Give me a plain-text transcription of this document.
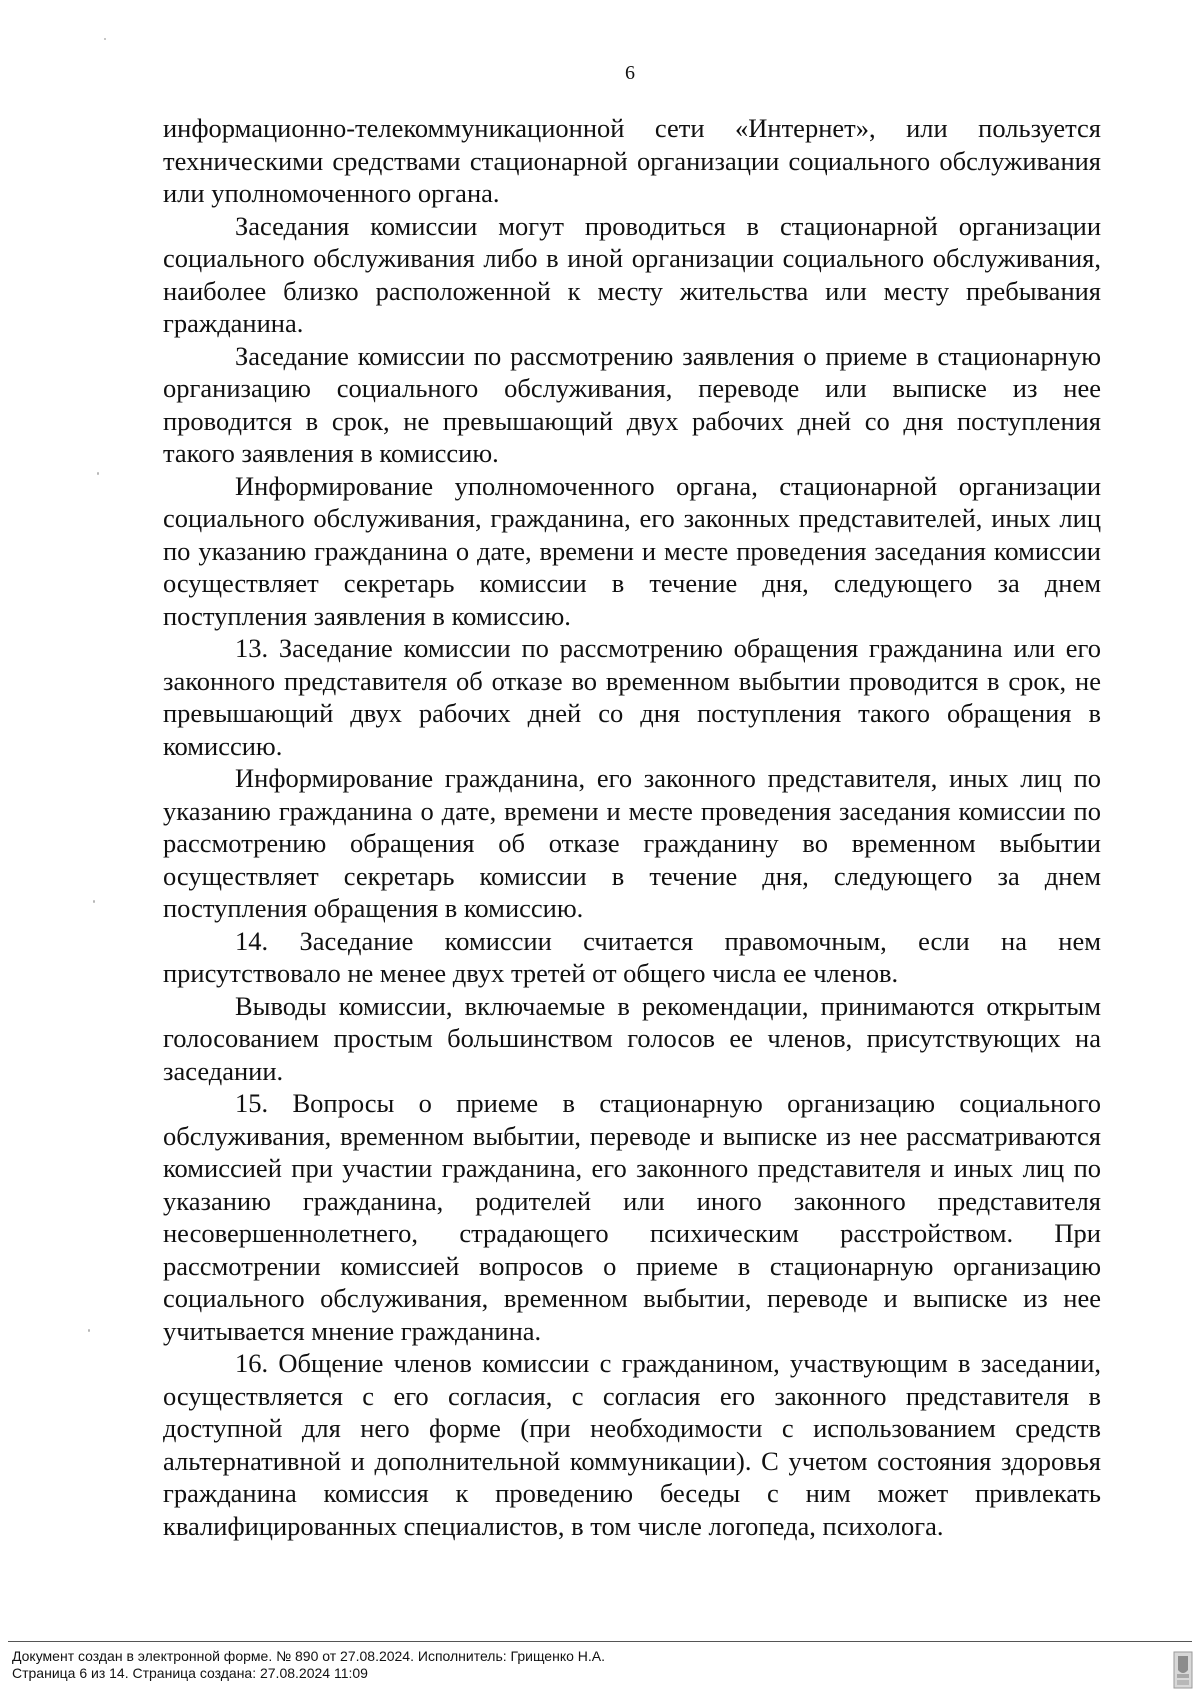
6

информационно-телекоммуникационной сети «Интернет», или пользуется техническими средствами стационарной организации социального обслуживания или уполномоченного органа.

Заседания комиссии могут проводиться в стационарной организации социального обслуживания либо в иной организации социального обслуживания, наиболее близко расположенной к месту жительства или месту пребывания гражданина.

Заседание комиссии по рассмотрению заявления о приеме в стационарную организацию социального обслуживания, переводе или выписке из нее проводится в срок, не превышающий двух рабочих дней со дня поступления такого заявления в комиссию.

Информирование уполномоченного органа, стационарной организации социального обслуживания, гражданина, его законных представителей, иных лиц по указанию гражданина о дате, времени и месте проведения заседания комиссии осуществляет секретарь комиссии в течение дня, следующего за днем поступления заявления в комиссию.

13. Заседание комиссии по рассмотрению обращения гражданина или его законного представителя об отказе во временном выбытии проводится в срок, не превышающий двух рабочих дней со дня поступления такого обращения в комиссию.

Информирование гражданина, его законного представителя, иных лиц по указанию гражданина о дате, времени и месте проведения заседания комиссии по рассмотрению обращения об отказе гражданину во временном выбытии осуществляет секретарь комиссии в течение дня, следующего за днем поступления обращения в комиссию.

14. Заседание комиссии считается правомочным, если на нем присутствовало не менее двух третей от общего числа ее членов.

Выводы комиссии, включаемые в рекомендации, принимаются открытым голосованием простым большинством голосов ее членов, присутствующих на заседании.

15. Вопросы о приеме в стационарную организацию социального обслуживания, временном выбытии, переводе и выписке из нее рассматриваются комиссией при участии гражданина, его законного представителя и иных лиц по указанию гражданина, родителей или иного законного представителя несовершеннолетнего, страдающего психическим расстройством. При рассмотрении комиссией вопросов о приеме в стационарную организацию социального обслуживания, временном выбытии, переводе и выписке из нее учитывается мнение гражданина.

16. Общение членов комиссии с гражданином, участвующим в заседании, осуществляется с его согласия, с согласия его законного представителя в доступной для него форме (при необходимости с использованием средств альтернативной и дополнительной коммуникации). С учетом состояния здоровья гражданина комиссия к проведению беседы с ним может привлекать квалифицированных специалистов, в том числе логопеда, психолога.

Документ создан в электронной форме. № 890 от 27.08.2024. Исполнитель: Грищенко Н.А.
Страница 6 из 14. Страница создана: 27.08.2024 11:09
